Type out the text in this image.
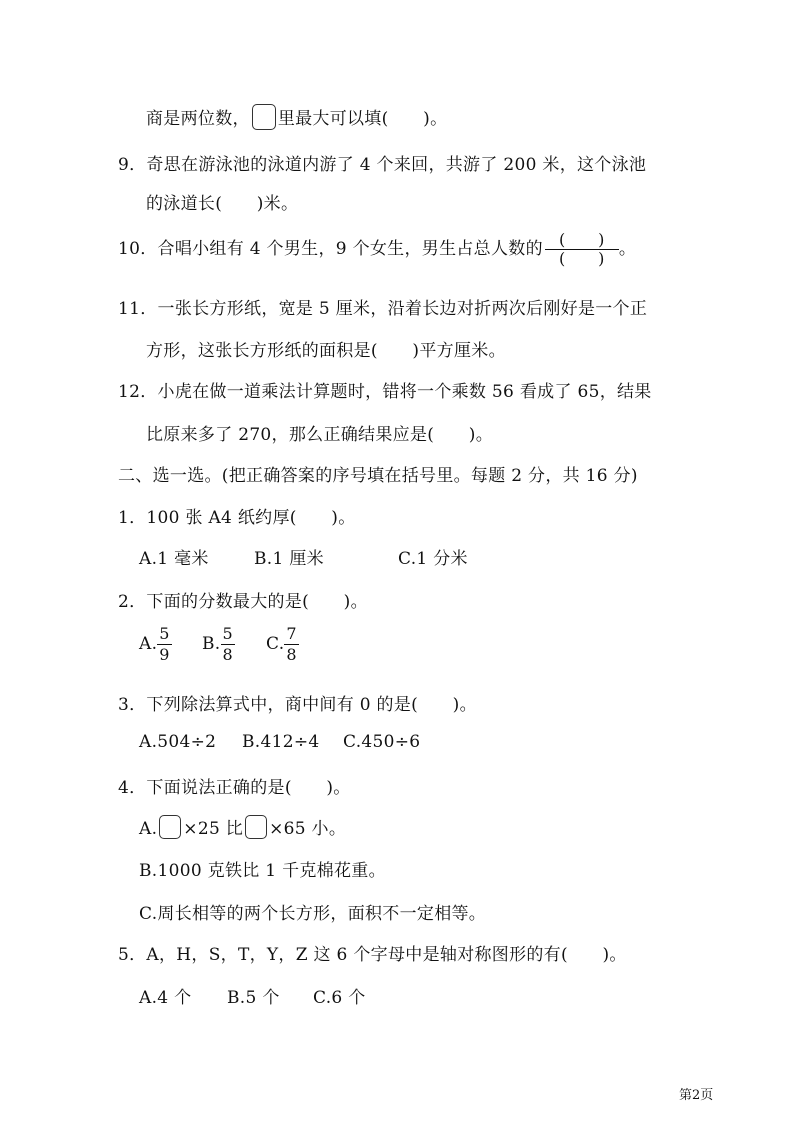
商是两位数， 里最大可以填(　　)。
9．奇思在游泳池的泳道内游了 4 个来回，共游了 200 米，这个泳池
的泳道长(　　)米。
10．合唱小组有 4 个男生，9 个女生，男生占总人数的 $\frac{( )}{( )}$ 。
11．一张长方形纸，宽是 5 厘米，沿着长边对折两次后刚好是一个正
方形，这张长方形纸的面积是(　　)平方厘米。
12．小虎在做一道乘法计算题时，错将一个乘数 56 看成了 65，结果
比原来多了 270，那么正确结果应是(　　)。
二、选一选。(把正确答案的序号填在括号里。每题 2 分，共 16 分)
1．100 张 A4 纸约厚(　　)。
A.1 毫米	B.1 厘米	C.1 分米
2．下面的分数最大的是(　　)。
A. $\frac{5}{9} B$. $\frac{5}{8} C$. $\frac{7}{8}$
3．下列除法算式中，商中间有 0 的是(　　)。
A.504÷2 B.412÷4 C.450÷6
4．下面说法正确的是(　　)。
A. ×25 比 ×65 小。
B.1000 克铁比 1 千克棉花重。
C.周长相等的两个长方形，面积不一定相等。
5．A，H，S，T，Y，Z 这 6 个字母中是轴对称图形的有(　　)。
A.4 个 B.5 个 C.6 个
第2页
